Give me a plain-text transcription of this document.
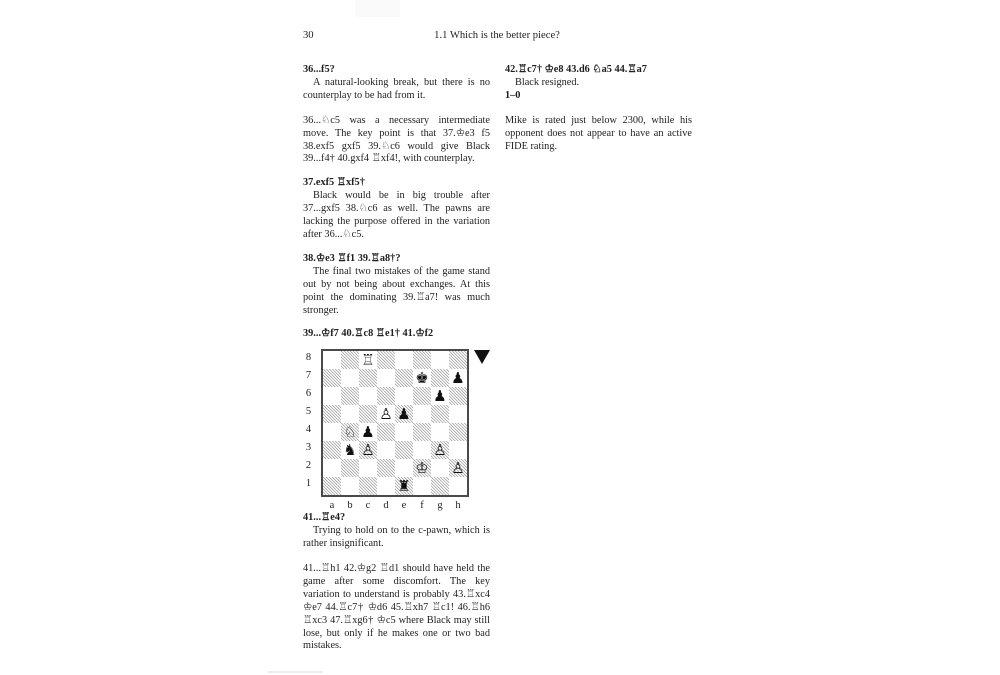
30	1.1 Which is the better piece?
36...f5?
A natural-looking break, but there is no counterplay to be had from it.
36...♘c5 was a necessary intermediate move. The key point is that 37.♔e3 f5 38.exf5 gxf5 39.♘c6 would give Black 39...f4† 40.gxf4 ♖xf4!, with counterplay.
37.exf5 ♖xf5†
Black would be in big trouble after 37...gxf5 38.♘c6 as well. The pawns are lacking the purpose offered in the variation after 36...♘c5.
38.♔e3 ♖f1 39.♖a8†?
The final two mistakes of the game stand out by not being about exchanges. At this point the dominating 39.♖a7! was much stronger.
39...♔f7 40.♖c8 ♖e1† 41.♔f2
8
7
6
5
4
3
2
1
♖
♚ ♟
♟
♙ ♟
♘ ♟
♞ ♙	♙
♔ ♙
♜
a	b	c	d	e	f	g	h
41...♖e4?
Trying to hold on to the c-pawn, which is rather insignificant.
41...♖h1 42.♔g2 ♖d1 should have held the game after some discomfort. The key variation to understand is probably 43.♖xc4 ♔e7 44.♖c7† ♔d6 45.♖xh7 ♖c1! 46.♖h6 ♖xc3 47.♖xg6† ♔c5 where Black may still lose, but only if he makes one or two bad mistakes.
42.♖c7† ♔e8 43.d6 ♘a5 44.♖a7
Black resigned.
1–0
Mike is rated just below 2300, while his opponent does not appear to have an active FIDE rating.
